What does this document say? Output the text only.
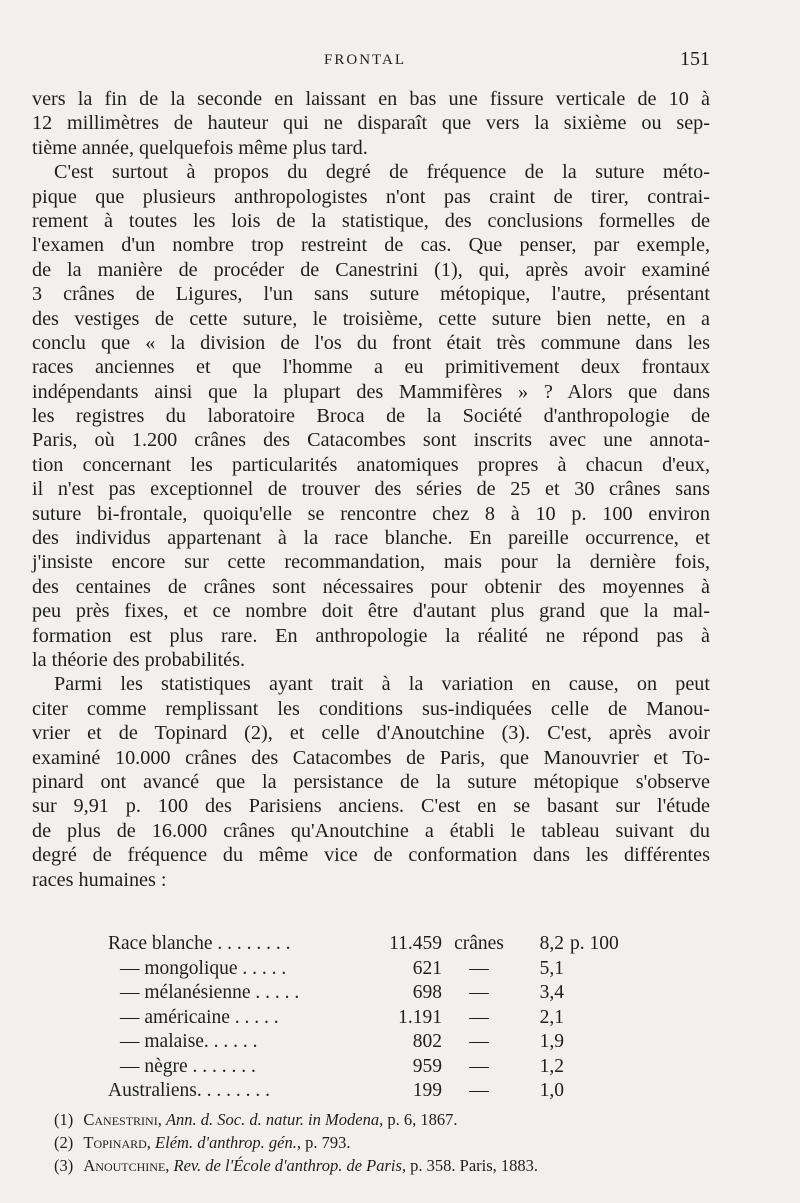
FRONTAL	151
vers la fin de la seconde en laissant en bas une fissure verticale de 10 à
12 millimètres de hauteur qui ne disparaît que vers la sixième ou sep-
tième année, quelquefois même plus tard.
C'est surtout à propos du degré de fréquence de la suture méto-
pique que plusieurs anthropologistes n'ont pas craint de tirer, contrai-
rement à toutes les lois de la statistique, des conclusions formelles de
l'examen d'un nombre trop restreint de cas. Que penser, par exemple,
de la manière de procéder de Canestrini (1), qui, après avoir examiné
3 crânes de Ligures, l'un sans suture métopique, l'autre, présentant
des vestiges de cette suture, le troisième, cette suture bien nette, en a
conclu que « la division de l'os du front était très commune dans les
races anciennes et que l'homme a eu primitivement deux frontaux
indépendants ainsi que la plupart des Mammifères » ? Alors que dans
les registres du laboratoire Broca de la Société d'anthropologie de
Paris, où 1.200 crânes des Catacombes sont inscrits avec une annota-
tion concernant les particularités anatomiques propres à chacun d'eux,
il n'est pas exceptionnel de trouver des séries de 25 et 30 crânes sans
suture bi-frontale, quoiqu'elle se rencontre chez 8 à 10 p. 100 environ
des individus appartenant à la race blanche. En pareille occurrence, et
j'insiste encore sur cette recommandation, mais pour la dernière fois,
des centaines de crânes sont nécessaires pour obtenir des moyennes à
peu près fixes, et ce nombre doit être d'autant plus grand que la mal-
formation est plus rare. En anthropologie la réalité ne répond pas à
la théorie des probabilités.
Parmi les statistiques ayant trait à la variation en cause, on peut
citer comme remplissant les conditions sus-indiquées celle de Manou-
vrier et de Topinard (2), et celle d'Anoutchine (3). C'est, après avoir
examiné 10.000 crânes des Catacombes de Paris, que Manouvrier et To-
pinard ont avancé que la persistance de la suture métopique s'observe
sur 9,91 p. 100 des Parisiens anciens. C'est en se basant sur l'étude
de plus de 16.000 crânes qu'Anoutchine a établi le tableau suivant du
degré de fréquence du même vice de conformation dans les différentes
races humaines :
Race blanche . . . . . . . .	11.459 crânes	8,2 p. 100
— mongolique . . . . .	621	—	5,1
— mélanésienne . . . . .	698	—	3,4
— américaine . . . . .	1.191	—	2,1
— malaise. . . . . .	802	—	1,9
— nègre . . . . . . .	959	—	1,2
Australiens. . . . . . . .	199	—	1,0
(1) Canestrini, Ann. d. Soc. d. natur. in Modena, p. 6, 1867.
(2) Topinard, Elém. d'anthrop. gén., p. 793.
(3) Anoutchine, Rev. de l'École d'anthrop. de Paris, p. 358. Paris, 1883.
